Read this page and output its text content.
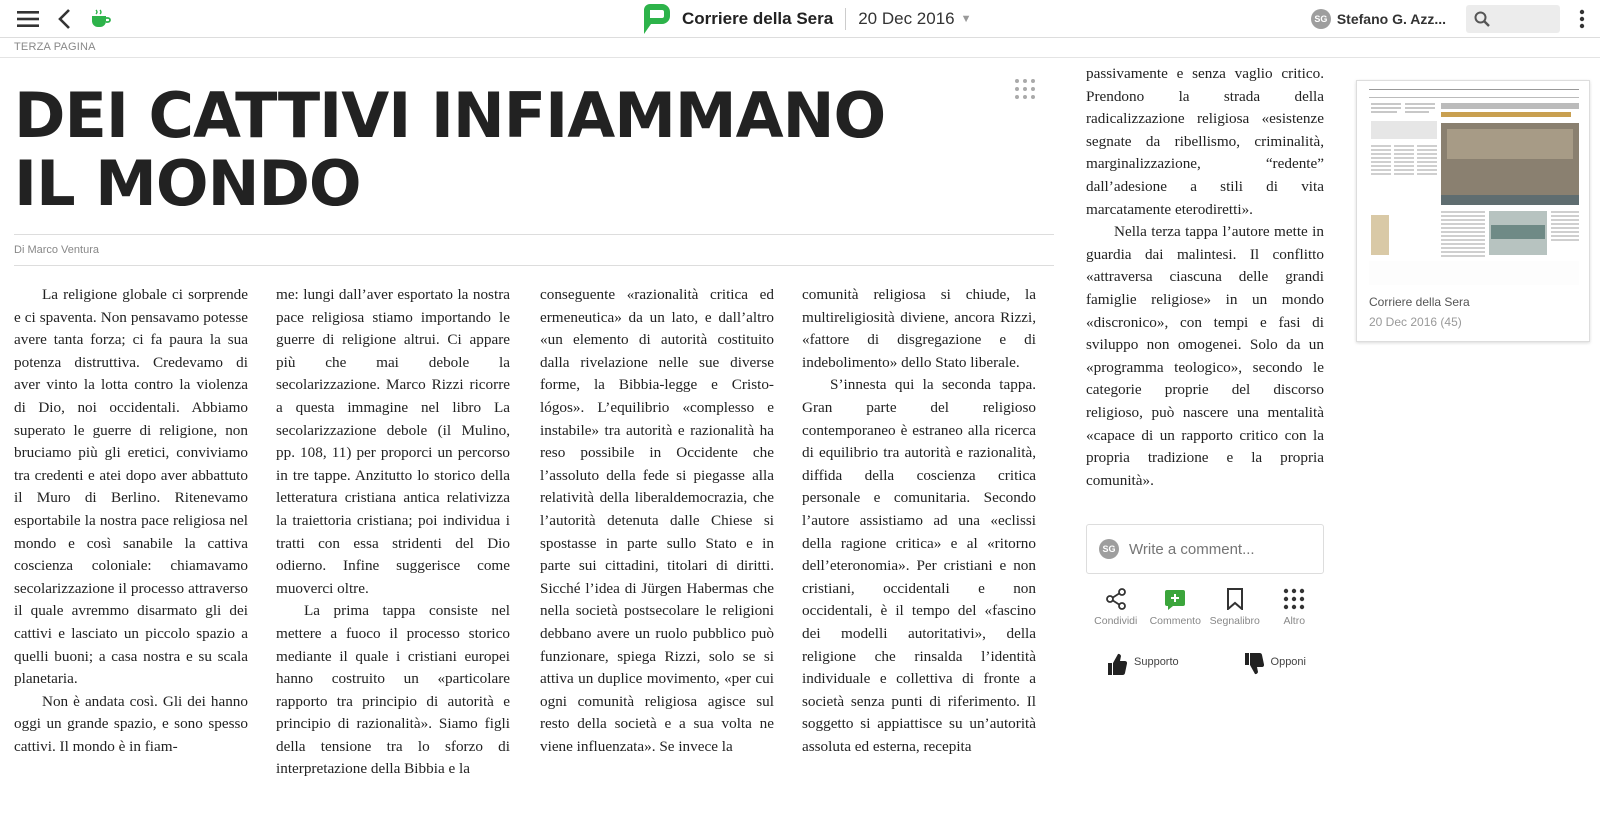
Corriere della Sera 20 Dec 2016 ▼	SG Stefano G. Azz...
TERZA PAGINA
DEI CATTIVI INFIAMMANO IL MONDO
Di Marco Ventura

La religione globale ci sorprende e ci spaventa. Non pensavamo potesse avere tanta forza; ci fa paura la sua potenza distruttiva. Credevamo di aver vinto la lotta contro la violenza di Dio, noi occidentali. Abbiamo superato le guerre di religione, non bruciamo più gli eretici, conviviamo tra credenti e atei dopo aver abbattuto il Muro di Berlino. Ritenevamo esportabile la nostra pace religiosa nel mondo e così sanabile la cattiva coscienza coloniale: chiamavamo secolarizzazione il processo attraverso il quale avremmo disarmato gli dei cattivi e lasciato un piccolo spazio a quelli buoni; a casa nostra e su scala planetaria.

Non è andata così. Gli dei hanno oggi un grande spazio, e sono spesso cattivi. Il mondo è in fiam-

me: lungi dall’aver esportato la nostra pace religiosa stiamo importando le guerre di religione altrui. Ci appare più che mai debole la secolarizzazione. Marco Rizzi ricorre a questa immagine nel libro La secolarizzazione debole (il Mulino, pp. 108, 11) per proporci un percorso in tre tappe. Anzitutto lo storico della letteratura cristiana antica relativizza la traiettoria cristiana; poi individua i tratti con essa stridenti del Dio odierno. Infine suggerisce come muoverci oltre.

La prima tappa consiste nel mettere a fuoco il processo storico mediante il quale i cristiani europei hanno costruito un «particolare rapporto tra principio di autorità e principio di razionalità». Siamo figli della tensione tra lo sforzo di interpretazione della Bibbia e la

conseguente «razionalità critica ed ermeneutica» da un lato, e dall’altro «un elemento di autorità costituito dalla rivelazione nelle sue diverse forme, la Bibbia-legge e Cristo-lógos». L’equilibrio «complesso e instabile» tra autorità e razionalità ha reso possibile in Occidente che l’assoluto della fede si piegasse alla relatività della liberaldemocrazia, che l’autorità detenuta dalle Chiese si spostasse in parte sullo Stato e in parte sui cittadini, titolari di diritti. Sicché l’idea di Jürgen Habermas che nella società postsecolare le religioni debbano avere un ruolo pubblico può funzionare, spiega Rizzi, solo se si attiva un duplice movimento, «per cui ogni comunità religiosa agisce sul resto della società e a sua volta ne viene influenzata». Se invece la

comunità religiosa si chiude, la multireligiosità diviene, ancora Rizzi, «fattore di disgregazione e di indebolimento» dello Stato liberale.

S’innesta qui la seconda tappa. Gran parte del religioso contemporaneo è estraneo alla ricerca di equilibrio tra autorità e razionalità, diffida della coscienza critica personale e comunitaria. Secondo l’autore assistiamo ad una «eclissi della ragione critica» e al «ritorno dell’eteronomia». Per cristiani e non cristiani, occidentali e non occidentali, è il tempo del «fascino dei modelli autoritativi», della religione che rinsalda l’identità individuale e collettiva di fronte a società senza punti di riferimento. Il soggetto si appiattisce su un’autorità assoluta ed esterna, recepita

passivamente e senza vaglio critico. Prendono la strada della radicalizzazione religiosa «esistenze segnate da ribellismo, criminalità, marginalizzazione, “redente” dall’adesione a stili di vita marcatamente eterodiretti».

Nella terza tappa l’autore mette in guardia dai malintesi. Il conflitto «attraversa ciascuna delle grandi famiglie religiose» in un mondo «discronico», con tempi e fasi di sviluppo non omogenei. Solo da un «programma teologico», secondo le categorie proprie del discorso religioso, può nascere una mentalità «capace di un rapporto critico con la propria tradizione e la propria comunità».

SG
Write a comment...
Condividi Commento Segnalibro Altro
Supporto	Opponi
Corriere della Sera
20 Dec 2016 (45)
